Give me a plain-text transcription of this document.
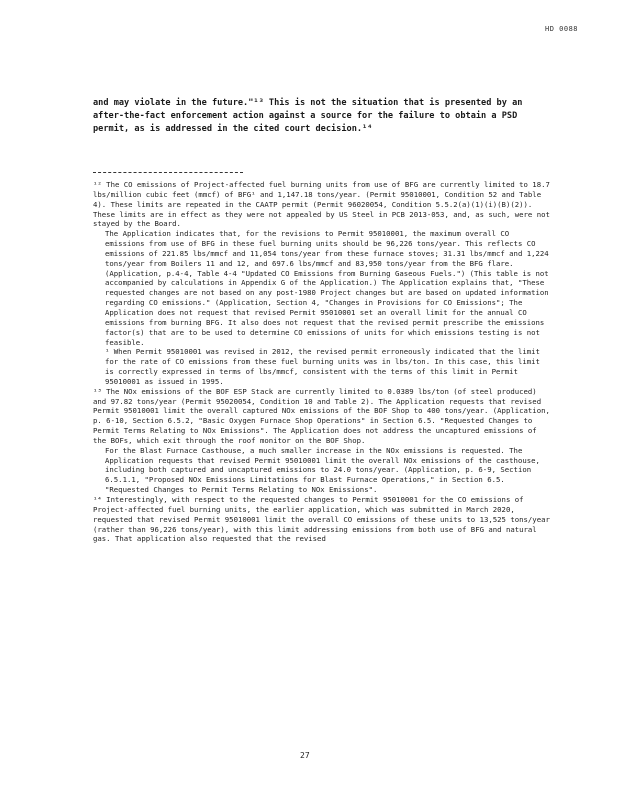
HD 0088

and may violate in the future."¹³ This is not the situation that is presented by an after-the-fact enforcement action against a source for the failure to obtain a PSD permit, as is addressed in the cited court decision.¹⁴

¹² The CO emissions of Project-affected fuel burning units from use of BFG are currently limited to 18.7 lbs/million cubic feet (mmcf) of BFG¹ and 1,147.18 tons/year. (Permit 95010001, Condition 52 and Table 4). These limits are repeated in the CAATP permit (Permit 96020054, Condition 5.5.2(a)(1)(i)(B)(2)). These limits are in effect as they were not appealed by US Steel in PCB 2013-053, and, as such, were not stayed by the Board.

The Application indicates that, for the revisions to Permit 95010001, the maximum overall CO emissions from use of BFG in these fuel burning units should be 96,226 tons/year. This reflects CO emissions of 221.85 lbs/mmcf and 11,054 tons/year from these furnace stoves; 31.31 lbs/mmcf and 1,224 tons/year from Boilers 11 and 12, and 697.6 lbs/mmcf and 83,950 tons/year from the BFG flare. (Application, p.4-4, Table 4-4 "Updated CO Emissions from Burning Gaseous Fuels.") (This table is not accompanied by calculations in Appendix G of the Application.) The Application explains that, "These requested changes are not based on any post-1980 Project changes but are based on updated information regarding CO emissions." (Application, Section 4, "Changes in Provisions for CO Emissions"; The Application does not request that revised Permit 95010001 set an overall limit for the annual CO emissions from burning BFG. It also does not request that the revised permit prescribe the emissions factor(s) that are to be used to determine CO emissions of units for which emissions testing is not feasible.

¹ When Permit 95010001 was revised in 2012, the revised permit erroneously indicated that the limit for the rate of CO emissions from these fuel burning units was in lbs/ton. In this case, this limit is correctly expressed in terms of lbs/mmcf, consistent with the terms of this limit in Permit 95010001 as issued in 1995.

¹³ The NOx emissions of the BOF ESP Stack are currently limited to 0.0389 lbs/ton (of steel produced) and 97.82 tons/year (Permit 95020054, Condition 10 and Table 2). The Application requests that revised Permit 95010001 limit the overall captured NOx emissions of the BOF Shop to 400 tons/year. (Application, p. 6-10, Section 6.5.2, "Basic Oxygen Furnace Shop Operations" in Section 6.5. "Requested Changes to Permit Terms Relating to NOx Emissions". The Application does not address the uncaptured emissions of the BOFs, which exit through the roof monitor on the BOF Shop.

For the Blast Furnace Casthouse, a much smaller increase in the NOx emissions is requested. The Application requests that revised Permit 95010001 limit the overall NOx emissions of the casthouse, including both captured and uncaptured emissions to 24.0 tons/year. (Application, p. 6-9, Section 6.5.1.1, "Proposed NOx Emissions Limitations for Blast Furnace Operations," in Section 6.5. "Requested Changes to Permit Terms Relating to NOx Emissions".

¹⁴ Interestingly, with respect to the requested changes to Permit 95010001 for the CO emissions of Project-affected fuel burning units, the earlier application, which was submitted in March 2020, requested that revised Permit 95010001 limit the overall CO emissions of these units to 13,525 tons/year (rather than 96,226 tons/year), with this limit addressing emissions from both use of BFG and natural gas. That application also requested that the revised

27
